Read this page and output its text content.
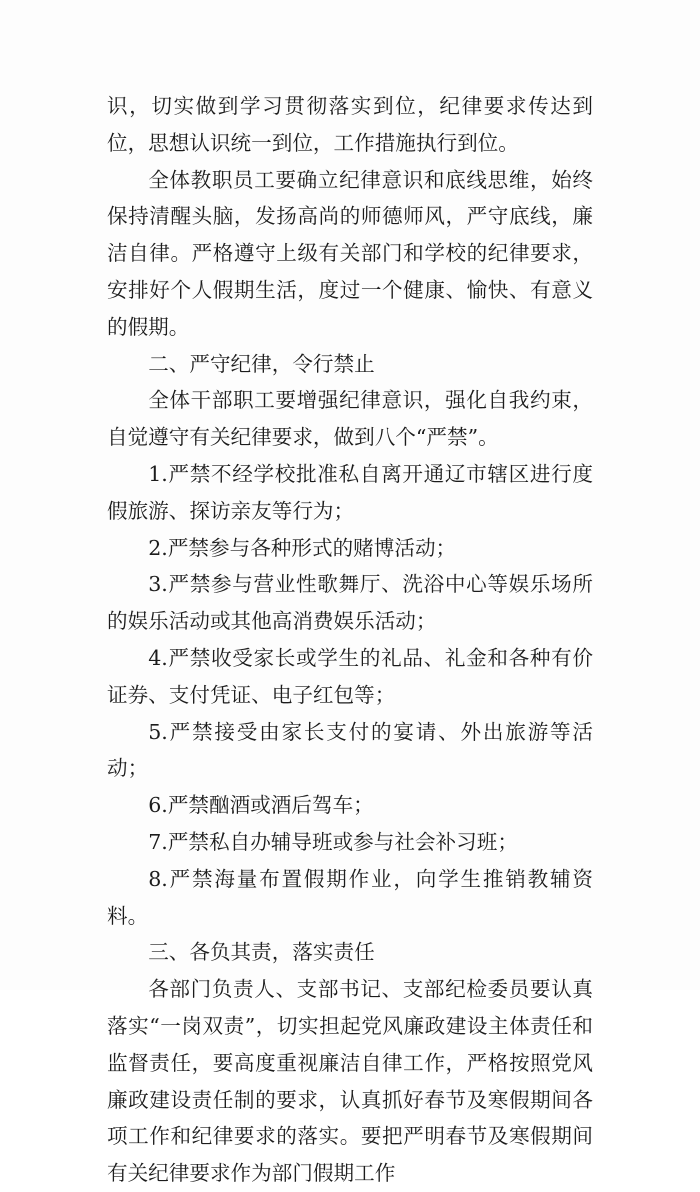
识，切实做到学习贯彻落实到位，纪律要求传达到位，思想认识统一到位，工作措施执行到位。

全体教职员工要确立纪律意识和底线思维，始终保持清醒头脑，发扬高尚的师德师风，严守底线，廉洁自律。严格遵守上级有关部门和学校的纪律要求，安排好个人假期生活，度过一个健康、愉快、有意义的假期。

二、严守纪律，令行禁止

全体干部职工要增强纪律意识，强化自我约束，自觉遵守有关纪律要求，做到八个“严禁”。

1.严禁不经学校批准私自离开通辽市辖区进行度假旅游、探访亲友等行为；

2.严禁参与各种形式的赌博活动；

3.严禁参与营业性歌舞厅、洗浴中心等娱乐场所的娱乐活动或其他高消费娱乐活动；

4.严禁收受家长或学生的礼品、礼金和各种有价证券、支付凭证、电子红包等；

5.严禁接受由家长支付的宴请、外出旅游等活动；

6.严禁酗酒或酒后驾车；

7.严禁私自办辅导班或参与社会补习班；

8.严禁海量布置假期作业，向学生推销教辅资料。

三、各负其责，落实责任

各部门负责人、支部书记、支部纪检委员要认真落实“一岗双责”，切实担起党风廉政建设主体责任和监督责任，要高度重视廉洁自律工作，严格按照党风廉政建设责任制的要求，认真抓好春节及寒假期间各项工作和纪律要求的落实。要把严明春节及寒假期间有关纪律要求作为部门假期工作
